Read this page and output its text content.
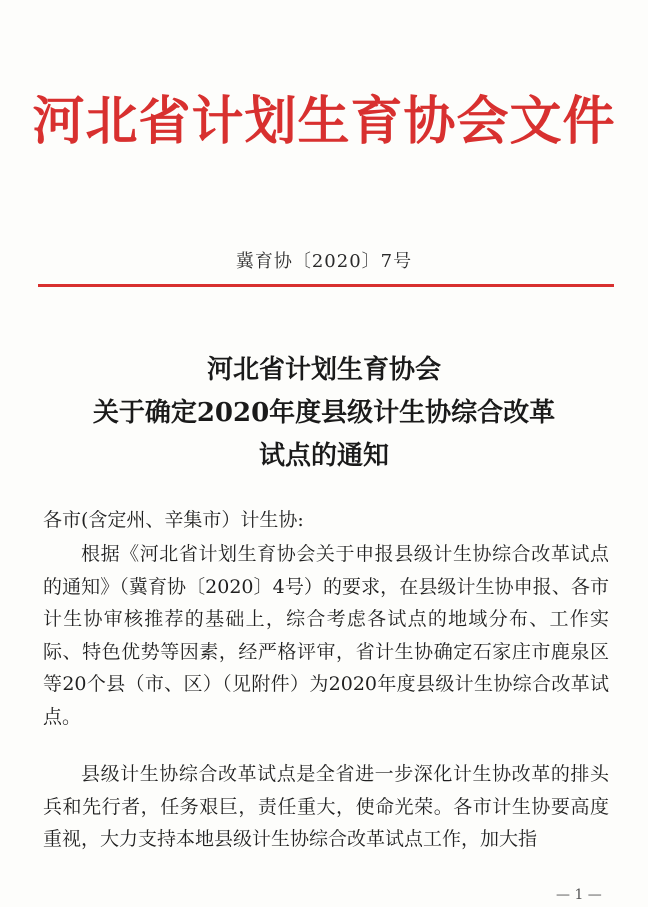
河北省计划生育协会文件
冀育协〔2020〕7号
河北省计划生育协会
关于确定2020年度县级计生协综合改革
试点的通知
各市(含定州、辛集市）计生协:

根据《河北省计划生育协会关于申报县级计生协综合改革试点的通知》（冀育协〔2020〕4号）的要求，在县级计生协申报、各市计生协审核推荐的基础上，综合考虑各试点的地域分布、工作实际、特色优势等因素，经严格评审，省计生协确定石家庄市鹿泉区等20个县（市、区）（见附件）为2020年度县级计生协综合改革试点。

县级计生协综合改革试点是全省进一步深化计生协改革的排头兵和先行者，任务艰巨，责任重大，使命光荣。各市计生协要高度重视，大力支持本地县级计生协综合改革试点工作，加大指

— 1 —
